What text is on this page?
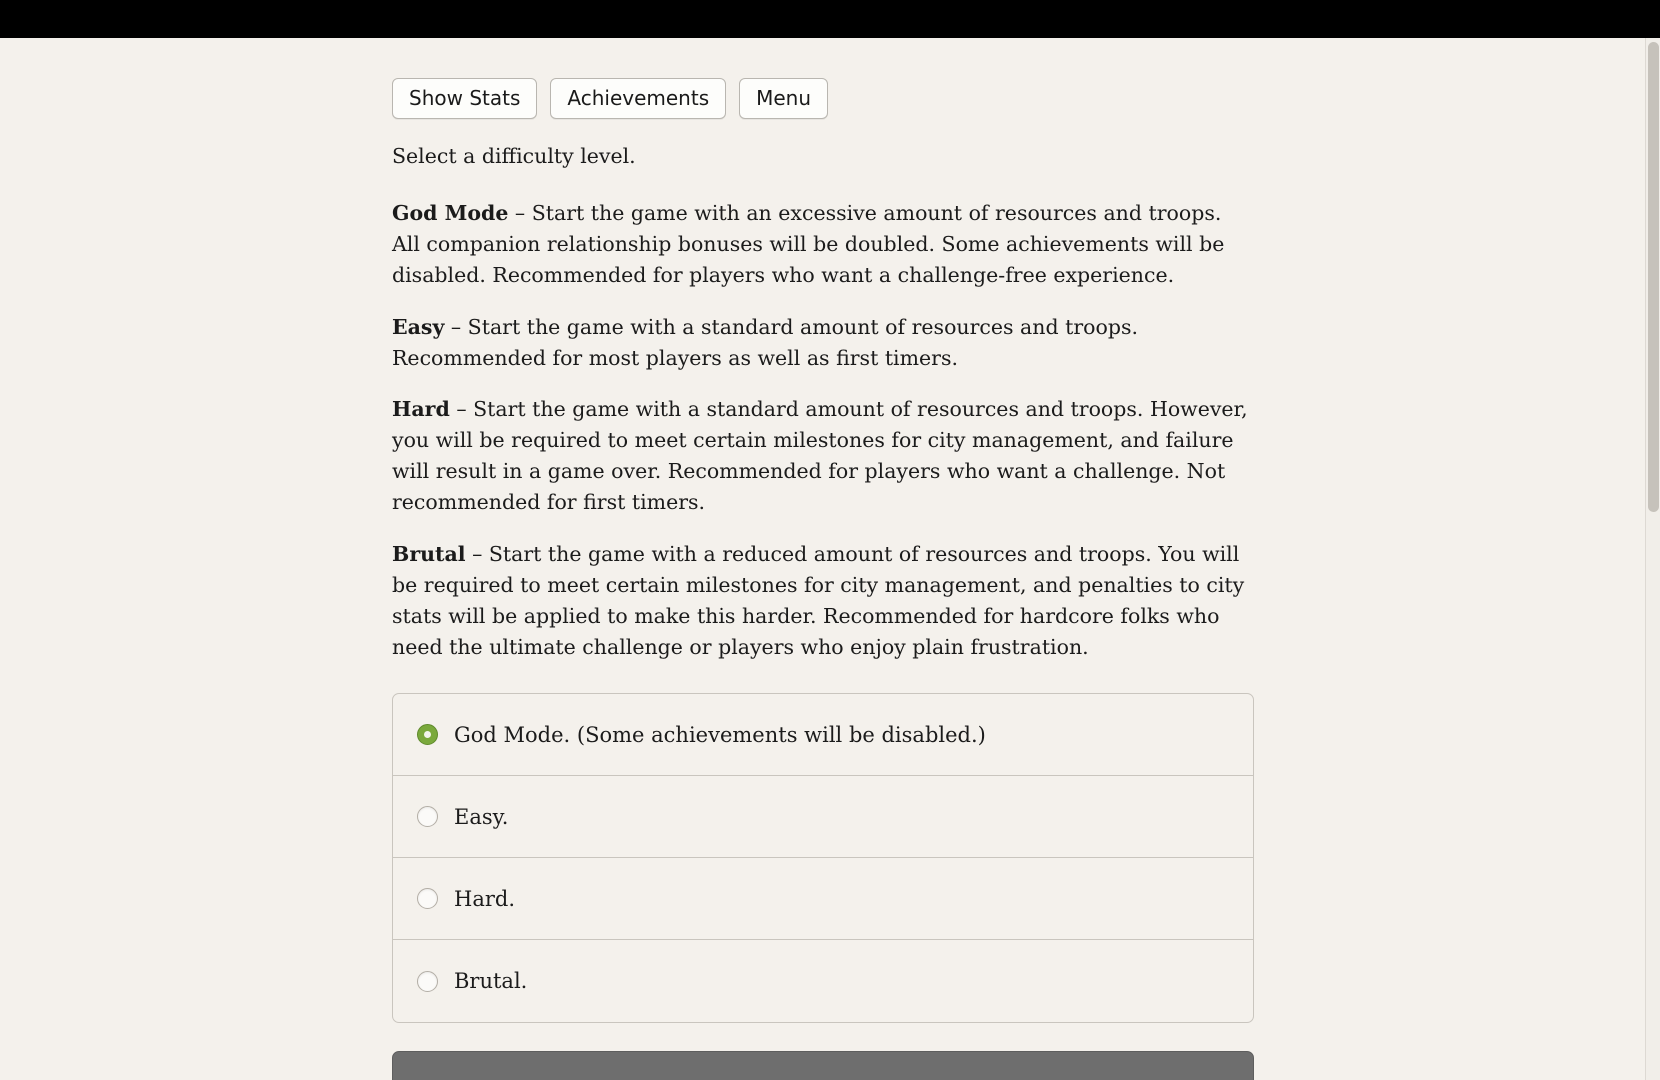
Show Stats	Achievements	Menu

Select a difficulty level.

God Mode – Start the game with an excessive amount of resources and troops. All companion relationship bonuses will be doubled. Some achievements will be disabled. Recommended for players who want a challenge-free experience.

Easy – Start the game with a standard amount of resources and troops. Recommended for most players as well as first timers.

Hard – Start the game with a standard amount of resources and troops. However, you will be required to meet certain milestones for city management, and failure will result in a game over. Recommended for players who want a challenge. Not recommended for first timers.

Brutal – Start the game with a reduced amount of resources and troops. You will be required to meet certain milestones for city management, and penalties to city stats will be applied to make this harder. Recommended for hardcore folks who need the ultimate challenge or players who enjoy plain frustration.

God Mode. (Some achievements will be disabled.)
Easy.
Hard.
Brutal.
